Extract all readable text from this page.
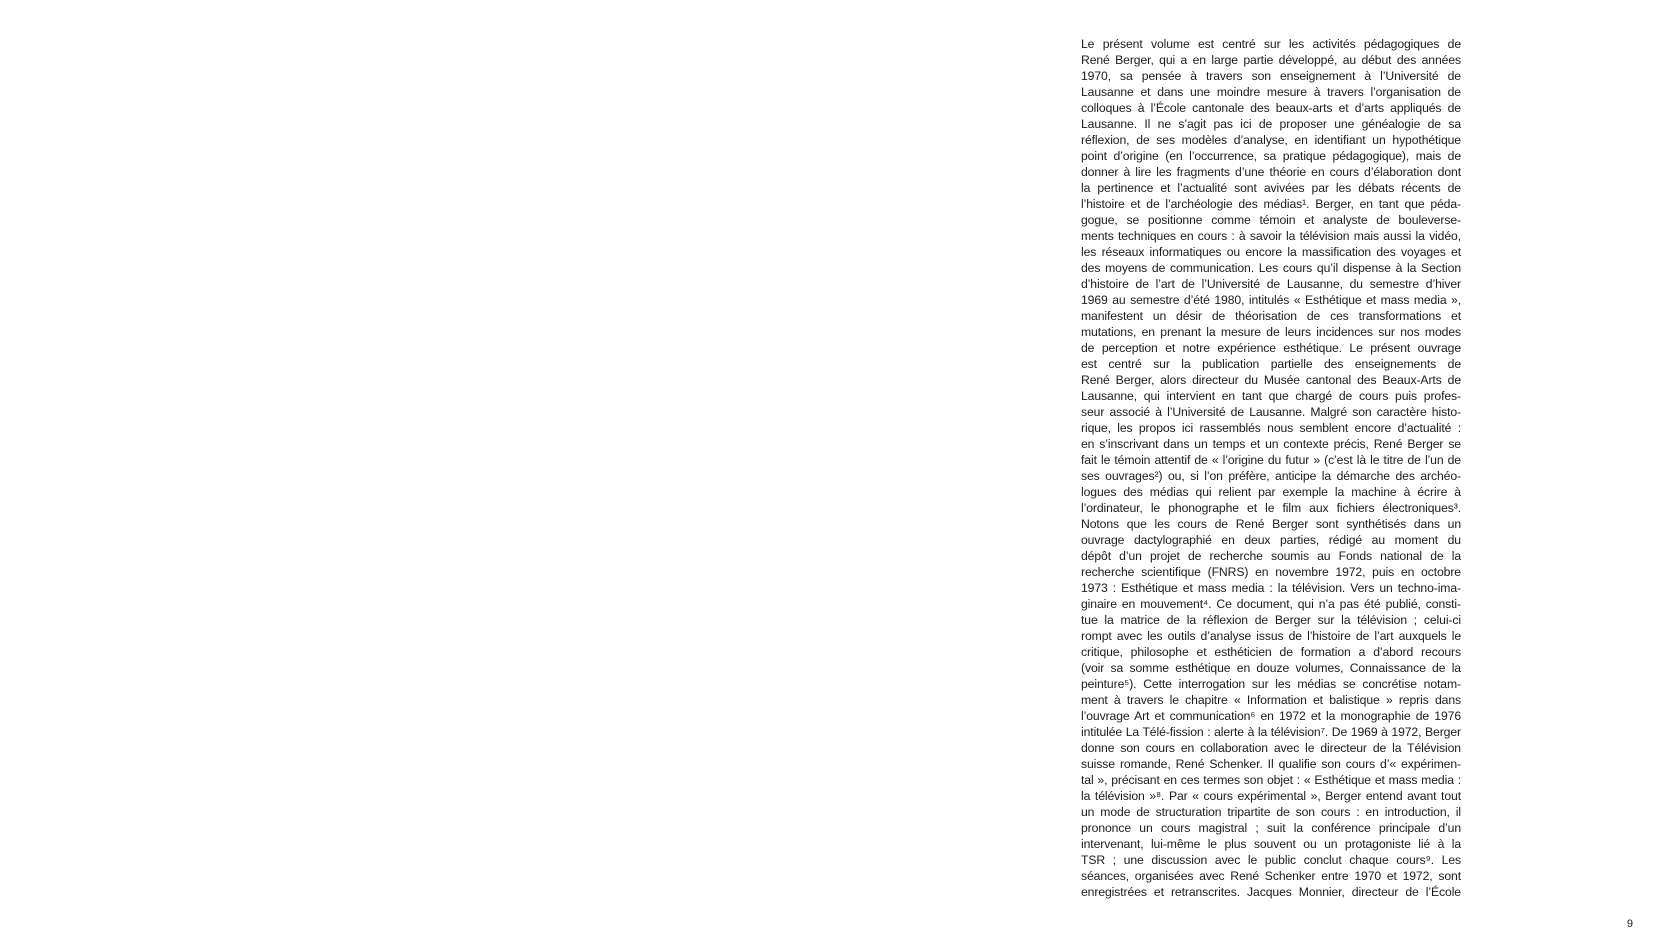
Le présent volume est centré sur les activités pédagogiques de
René Berger, qui a en large partie développé, au début des années
1970, sa pensée à travers son enseignement à l’Université de
Lausanne et dans une moindre mesure à travers l’organisation de
colloques à l’École cantonale des beaux-arts et d’arts appliqués de
Lausanne. Il ne s’agit pas ici de proposer une généalogie de sa
réflexion, de ses modèles d’analyse, en identifiant un hypothétique
point d’origine (en l’occurrence, sa pratique pédagogique), mais de
donner à lire les fragments d’une théorie en cours d’élaboration dont
la pertinence et l’actualité sont avivées par les débats récents de
l’histoire et de l’archéologie des médias¹. Berger, en tant que péda-
gogue, se positionne comme témoin et analyste de bouleverse-
ments techniques en cours : à savoir la télévision mais aussi la vidéo,
les réseaux informatiques ou encore la massification des voyages et
des moyens de communication. Les cours qu’il dispense à la Section
d’histoire de l’art de l’Université de Lausanne, du semestre d’hiver
1969 au semestre d’été 1980, intitulés « Esthétique et mass media »,
manifestent un désir de théorisation de ces transformations et
mutations, en prenant la mesure de leurs incidences sur nos modes
de perception et notre expérience esthétique. Le présent ouvrage
est centré sur la publication partielle des enseignements de
René Berger, alors directeur du Musée cantonal des Beaux-Arts de
Lausanne, qui intervient en tant que chargé de cours puis profes-
seur associé à l’Université de Lausanne. Malgré son caractère histo-
rique, les propos ici rassemblés nous semblent encore d’actualité :
en s’inscrivant dans un temps et un contexte précis, René Berger se
fait le témoin attentif de « l’origine du futur » (c’est là le titre de l’un de
ses ouvrages²) ou, si l’on préfère, anticipe la démarche des archéo-
logues des médias qui relient par exemple la machine à écrire à
l’ordinateur, le phonographe et le film aux fichiers électroniques³.
Notons que les cours de René Berger sont synthétisés dans un
ouvrage dactylographié en deux parties, rédigé au moment du
dépôt d’un projet de recherche soumis au Fonds national de la
recherche scientifique (FNRS) en novembre 1972, puis en octobre
1973 : Esthétique et mass media : la télévision. Vers un techno-ima-
ginaire en mouvement⁴. Ce document, qui n’a pas été publié, consti-
tue la matrice de la réflexion de Berger sur la télévision ; celui-ci
rompt avec les outils d’analyse issus de l’histoire de l’art auxquels le
critique, philosophe et esthéticien de formation a d’abord recours
(voir sa somme esthétique en douze volumes, Connaissance de la
peinture⁵). Cette interrogation sur les médias se concrétise notam-
ment à travers le chapitre « Information et balistique » repris dans
l’ouvrage Art et communication⁶ en 1972 et la monographie de 1976
intitulée La Télé-fission : alerte à la télévision⁷. De 1969 à 1972, Berger
donne son cours en collaboration avec le directeur de la Télévision
suisse romande, René Schenker. Il qualifie son cours d’« expérimen-
tal », précisant en ces termes son objet : « Esthétique et mass media :
la télévision »⁸. Par « cours expérimental », Berger entend avant tout
un mode de structuration tripartite de son cours : en introduction, il
prononce un cours magistral ; suit la conférence principale d’un
intervenant, lui-même le plus souvent ou un protagoniste lié à la
TSR ; une discussion avec le public conclut chaque cours⁹. Les
séances, organisées avec René Schenker entre 1970 et 1972, sont
enregistrées et retranscrites. Jacques Monnier, directeur de l’École
9
